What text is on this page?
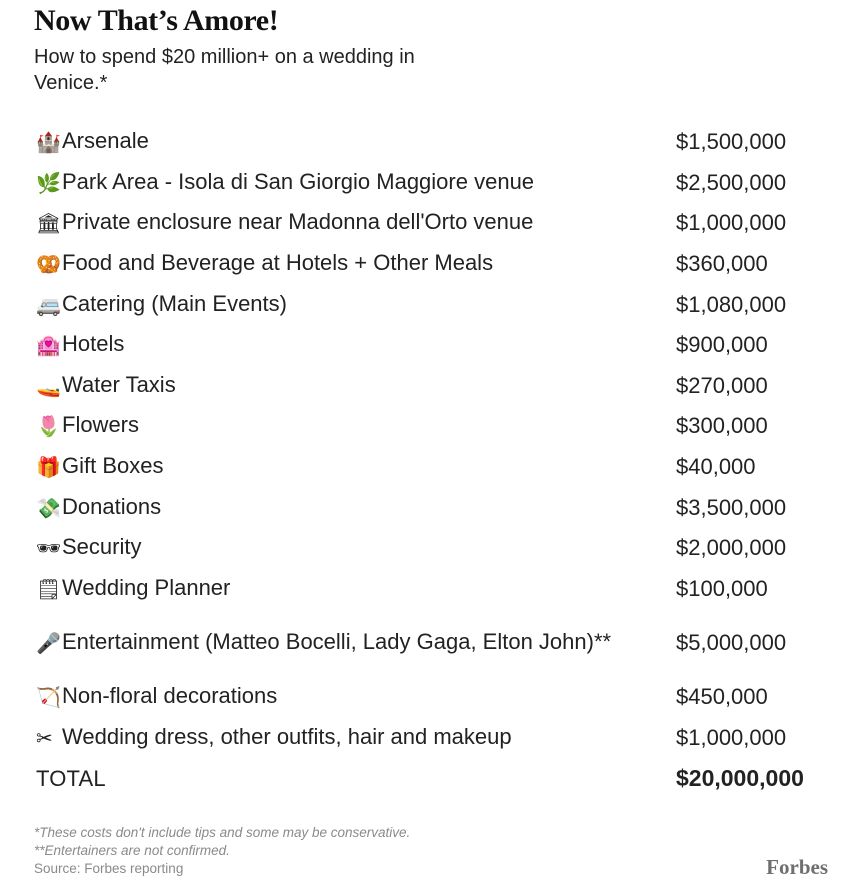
Now That’s Amore!
How to spend $20 million+ on a wedding in Venice.*
🏰Arsenale	$1,500,000
🌿Park Area - Isola di San Giorgio Maggiore venue	$2,500,000
🏛Private enclosure near Madonna dell'Orto venue	$1,000,000
🥨Food and Beverage at Hotels + Other Meals	$360,000
🚐Catering (Main Events)	$1,080,000
🏩Hotels	$900,000
🚤Water Taxis	$270,000
🌷Flowers	$300,000
🎁Gift Boxes	$40,000
💸Donations	$3,500,000
🕶Security	$2,000,000
🗒Wedding Planner	$100,000
🎤Entertainment (Matteo Bocelli, Lady Gaga, Elton John)**	$5,000,000
🏹Non-floral decorations	$450,000
✂ Wedding dress, other outfits, hair and makeup	$1,000,000
TOTAL	$20,000,000
*These costs don't include tips and some may be conservative.
**Entertainers are not confirmed.
Source: Forbes reporting	Forbes
